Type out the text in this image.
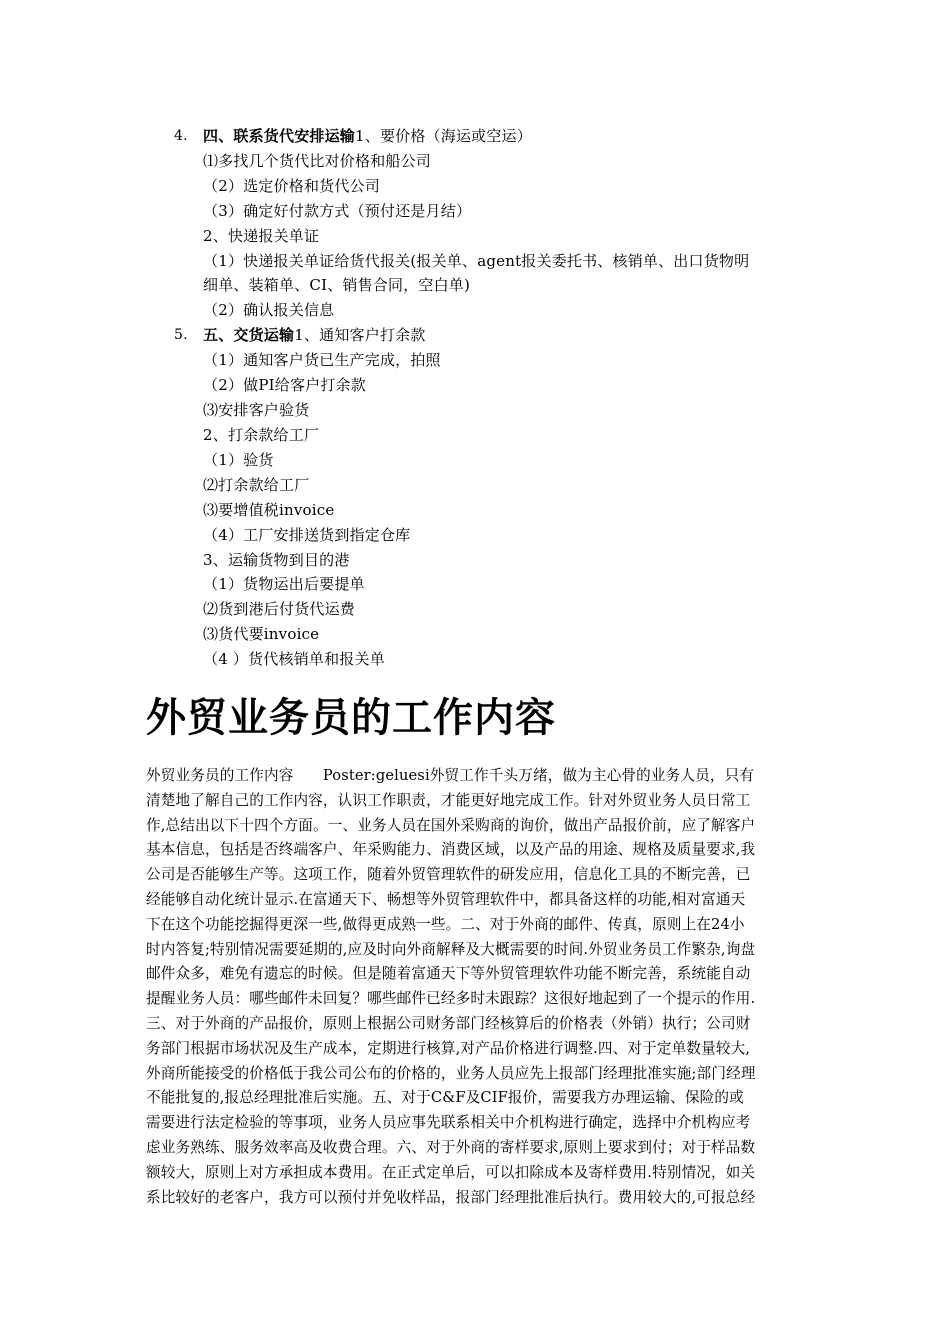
4. 四、联系货代安排运输1、要价格（海运或空运）
⑴多找几个货代比对价格和船公司
（2）选定价格和货代公司
（3）确定好付款方式（预付还是月结）
2、快递报关单证
（1）快递报关单证给货代报关(报关单、agent报关委托书、核销单、出口货物明
细单、装箱单、CI、销售合同，空白单)
（2）确认报关信息
5. 五、交货运输1、通知客户打余款
（1）通知客户货已生产完成，拍照
（2）做PI给客户打余款
⑶安排客户验货
2、打余款给工厂
（1）验货
⑵打余款给工厂
⑶要增值税invoice
（4）工厂安排送货到指定仓库
3、运输货物到目的港
（1）货物运出后要提单
⑵货到港后付货代运费
⑶货代要invoice
（4 ）货代核销单和报关单
外贸业务员的工作内容
外贸业务员的工作内容　　Poster:geluesi外贸工作千头万绪，做为主心骨的业务人员，只有
清楚地了解自己的工作内容，认识工作职责，才能更好地完成工作。针对外贸业务人员日常工
作,总结出以下十四个方面。一、业务人员在国外采购商的询价，做出产品报价前，应了解客户
基本信息，包括是否终端客户、年采购能力、消费区域，以及产品的用途、规格及质量要求,我
公司是否能够生产等。这项工作，随着外贸管理软件的研发应用，信息化工具的不断完善，已
经能够自动化统计显示.在富通天下、畅想等外贸管理软件中，都具备这样的功能,相对富通天
下在这个功能挖掘得更深一些,做得更成熟一些。二、对于外商的邮件、传真，原则上在24小
时内答复;特别情况需要延期的,应及时向外商解释及大概需要的时间.外贸业务员工作繁杂,询盘
邮件众多，难免有遗忘的时候。但是随着富通天下等外贸管理软件功能不断完善，系统能自动
提醒业务人员：哪些邮件未回复？哪些邮件已经多时未跟踪？这很好地起到了一个提示的作用.
三、对于外商的产品报价，原则上根据公司财务部门经核算后的价格表（外销）执行；公司财
务部门根据市场状况及生产成本，定期进行核算,对产品价格进行调整.四、对于定单数量较大,
外商所能接受的价格低于我公司公布的价格的，业务人员应先上报部门经理批准实施;部门经理
不能批复的,报总经理批准后实施。五、对于C&F及CIF报价，需要我方办理运输、保险的或
需要进行法定检验的等事项，业务人员应事先联系相关中介机构进行确定，选择中介机构应考
虑业务熟练、服务效率高及收费合理。六、对于外商的寄样要求,原则上要求到付；对于样品数
额较大，原则上对方承担成本费用。在正式定单后，可以扣除成本及寄样费用.特别情况，如关
系比较好的老客户，我方可以预付并免收样品，报部门经理批准后执行。费用较大的,可报总经
